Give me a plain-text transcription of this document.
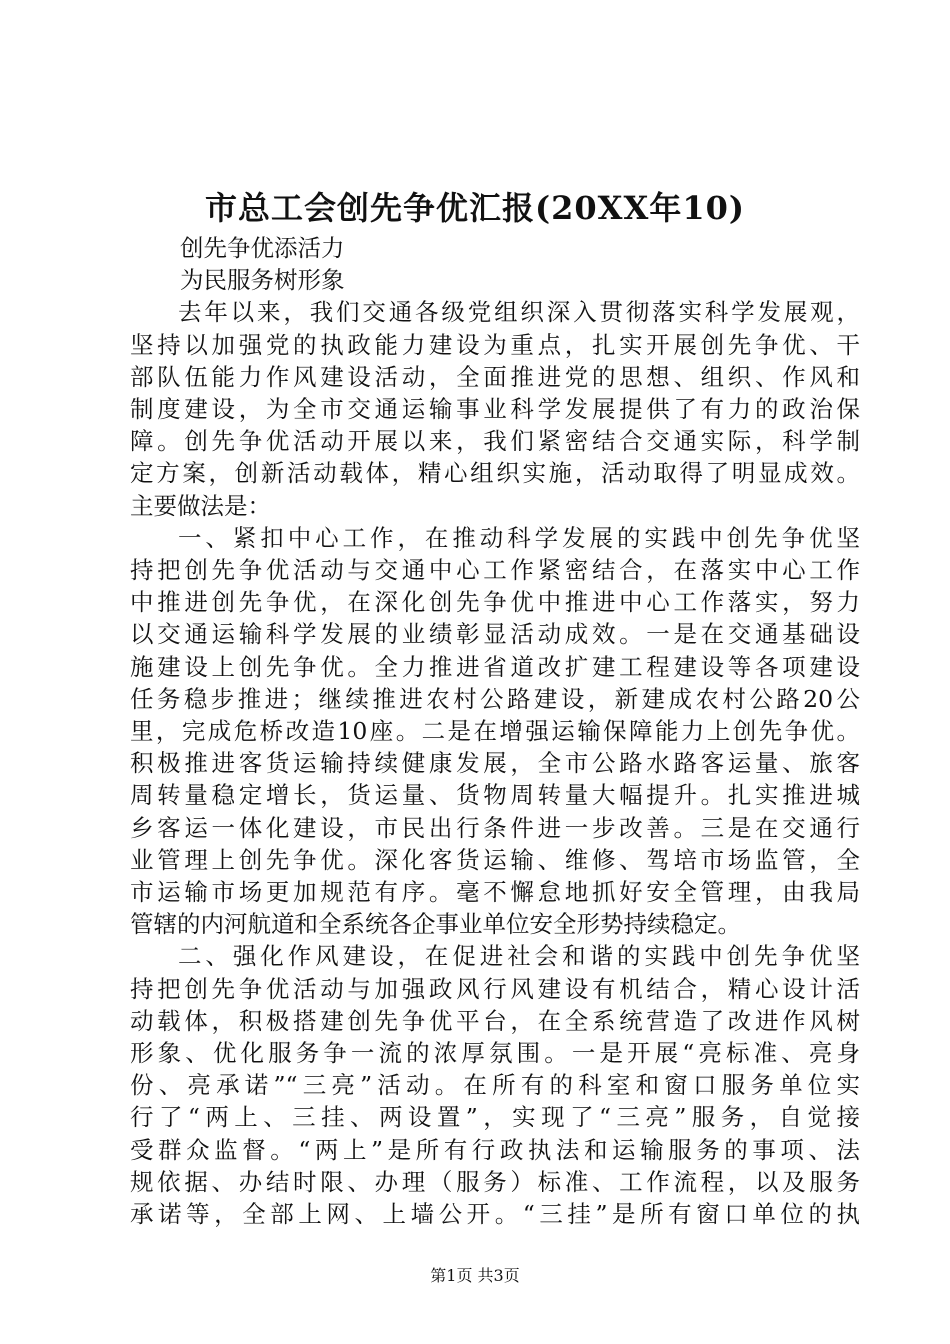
市总工会创先争优汇报(20XX年10)
创先争优添活力
为民服务树形象
去年以来，我们交通各级党组织深入贯彻落实科学发展观，
坚持以加强党的执政能力建设为重点，扎实开展创先争优、干
部队伍能力作风建设活动，全面推进党的思想、组织、作风和
制度建设，为全市交通运输事业科学发展提供了有力的政治保
障。创先争优活动开展以来，我们紧密结合交通实际，科学制
定方案，创新活动载体，精心组织实施，活动取得了明显成效。
主要做法是：
一、紧扣中心工作，在推动科学发展的实践中创先争优坚
持把创先争优活动与交通中心工作紧密结合，在落实中心工作
中推进创先争优，在深化创先争优中推进中心工作落实，努力
以交通运输科学发展的业绩彰显活动成效。一是在交通基础设
施建设上创先争优。全力推进省道改扩建工程建设等各项建设
任务稳步推进；继续推进农村公路建设，新建成农村公路20公
里，完成危桥改造10座。二是在增强运输保障能力上创先争优。
积极推进客货运输持续健康发展，全市公路水路客运量、旅客
周转量稳定增长，货运量、货物周转量大幅提升。扎实推进城
乡客运一体化建设，市民出行条件进一步改善。三是在交通行
业管理上创先争优。深化客货运输、维修、驾培市场监管，全
市运输市场更加规范有序。毫不懈怠地抓好安全管理，由我局
管辖的内河航道和全系统各企事业单位安全形势持续稳定。
二、强化作风建设，在促进社会和谐的实践中创先争优坚
持把创先争优活动与加强政风行风建设有机结合，精心设计活
动载体，积极搭建创先争优平台，在全系统营造了改进作风树
形象、优化服务争一流的浓厚氛围。一是开展“亮标准、亮身
份、亮承诺”“三亮”活动。在所有的科室和窗口服务单位实
行了“两上、三挂、两设置”，实现了“三亮”服务，自觉接
受群众监督。“两上”是所有行政执法和运输服务的事项、法
规依据、办结时限、办理（服务）标准、工作流程，以及服务
承诺等，全部上网、上墙公开。“三挂”是所有窗口单位的执
第1页 共3页
